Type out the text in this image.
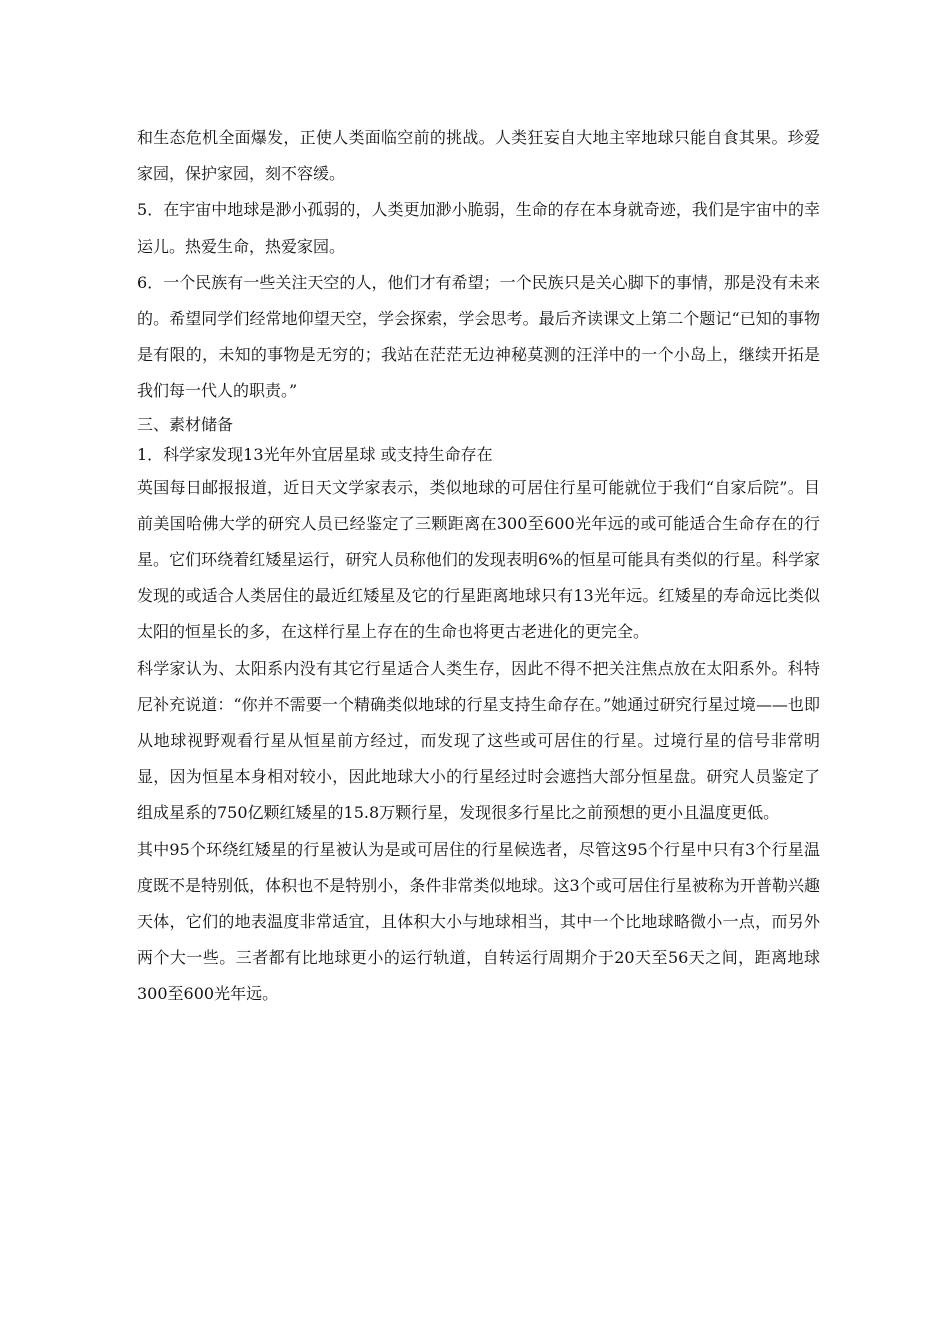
和生态危机全面爆发，正使人类面临空前的挑战。人类狂妄自大地主宰地球只能自食其果。珍爱家园，保护家园，刻不容缓。

5．在宇宙中地球是渺小孤弱的，人类更加渺小脆弱，生命的存在本身就奇迹，我们是宇宙中的幸运儿。热爱生命，热爱家园。

6．一个民族有一些关注天空的人，他们才有希望；一个民族只是关心脚下的事情，那是没有未来的。希望同学们经常地仰望天空，学会探索，学会思考。最后齐读课文上第二个题记“已知的事物是有限的，未知的事物是无穷的；我站在茫茫无边神秘莫测的汪洋中的一个小岛上，继续开拓是我们每一代人的职责。”

三、素材储备

1．科学家发现13光年外宜居星球 或支持生命存在

英国每日邮报报道，近日天文学家表示，类似地球的可居住行星可能就位于我们“自家后院”。目前美国哈佛大学的研究人员已经鉴定了三颗距离在300至600光年远的或可能适合生命存在的行星。它们环绕着红矮星运行，研究人员称他们的发现表明6%的恒星可能具有类似的行星。科学家发现的或适合人类居住的最近红矮星及它的行星距离地球只有13光年远。红矮星的寿命远比类似太阳的恒星长的多，在这样行星上存在的生命也将更古老进化的更完全。

科学家认为、太阳系内没有其它行星适合人类生存，因此不得不把关注焦点放在太阳系外。科特尼补充说道：“你并不需要一个精确类似地球的行星支持生命存在。”她通过研究行星过境——也即从地球视野观看行星从恒星前方经过，而发现了这些或可居住的行星。过境行星的信号非常明显，因为恒星本身相对较小，因此地球大小的行星经过时会遮挡大部分恒星盘。研究人员鉴定了组成星系的750亿颗红矮星的15.8万颗行星，发现很多行星比之前预想的更小且温度更低。

其中95个环绕红矮星的行星被认为是或可居住的行星候选者，尽管这95个行星中只有3个行星温度既不是特别低，体积也不是特别小，条件非常类似地球。这3个或可居住行星被称为开普勒兴趣天体，它们的地表温度非常适宜，且体积大小与地球相当，其中一个比地球略微小一点，而另外两个大一些。三者都有比地球更小的运行轨道，自转运行周期介于20天至56天之间，距离地球300至600光年远。
